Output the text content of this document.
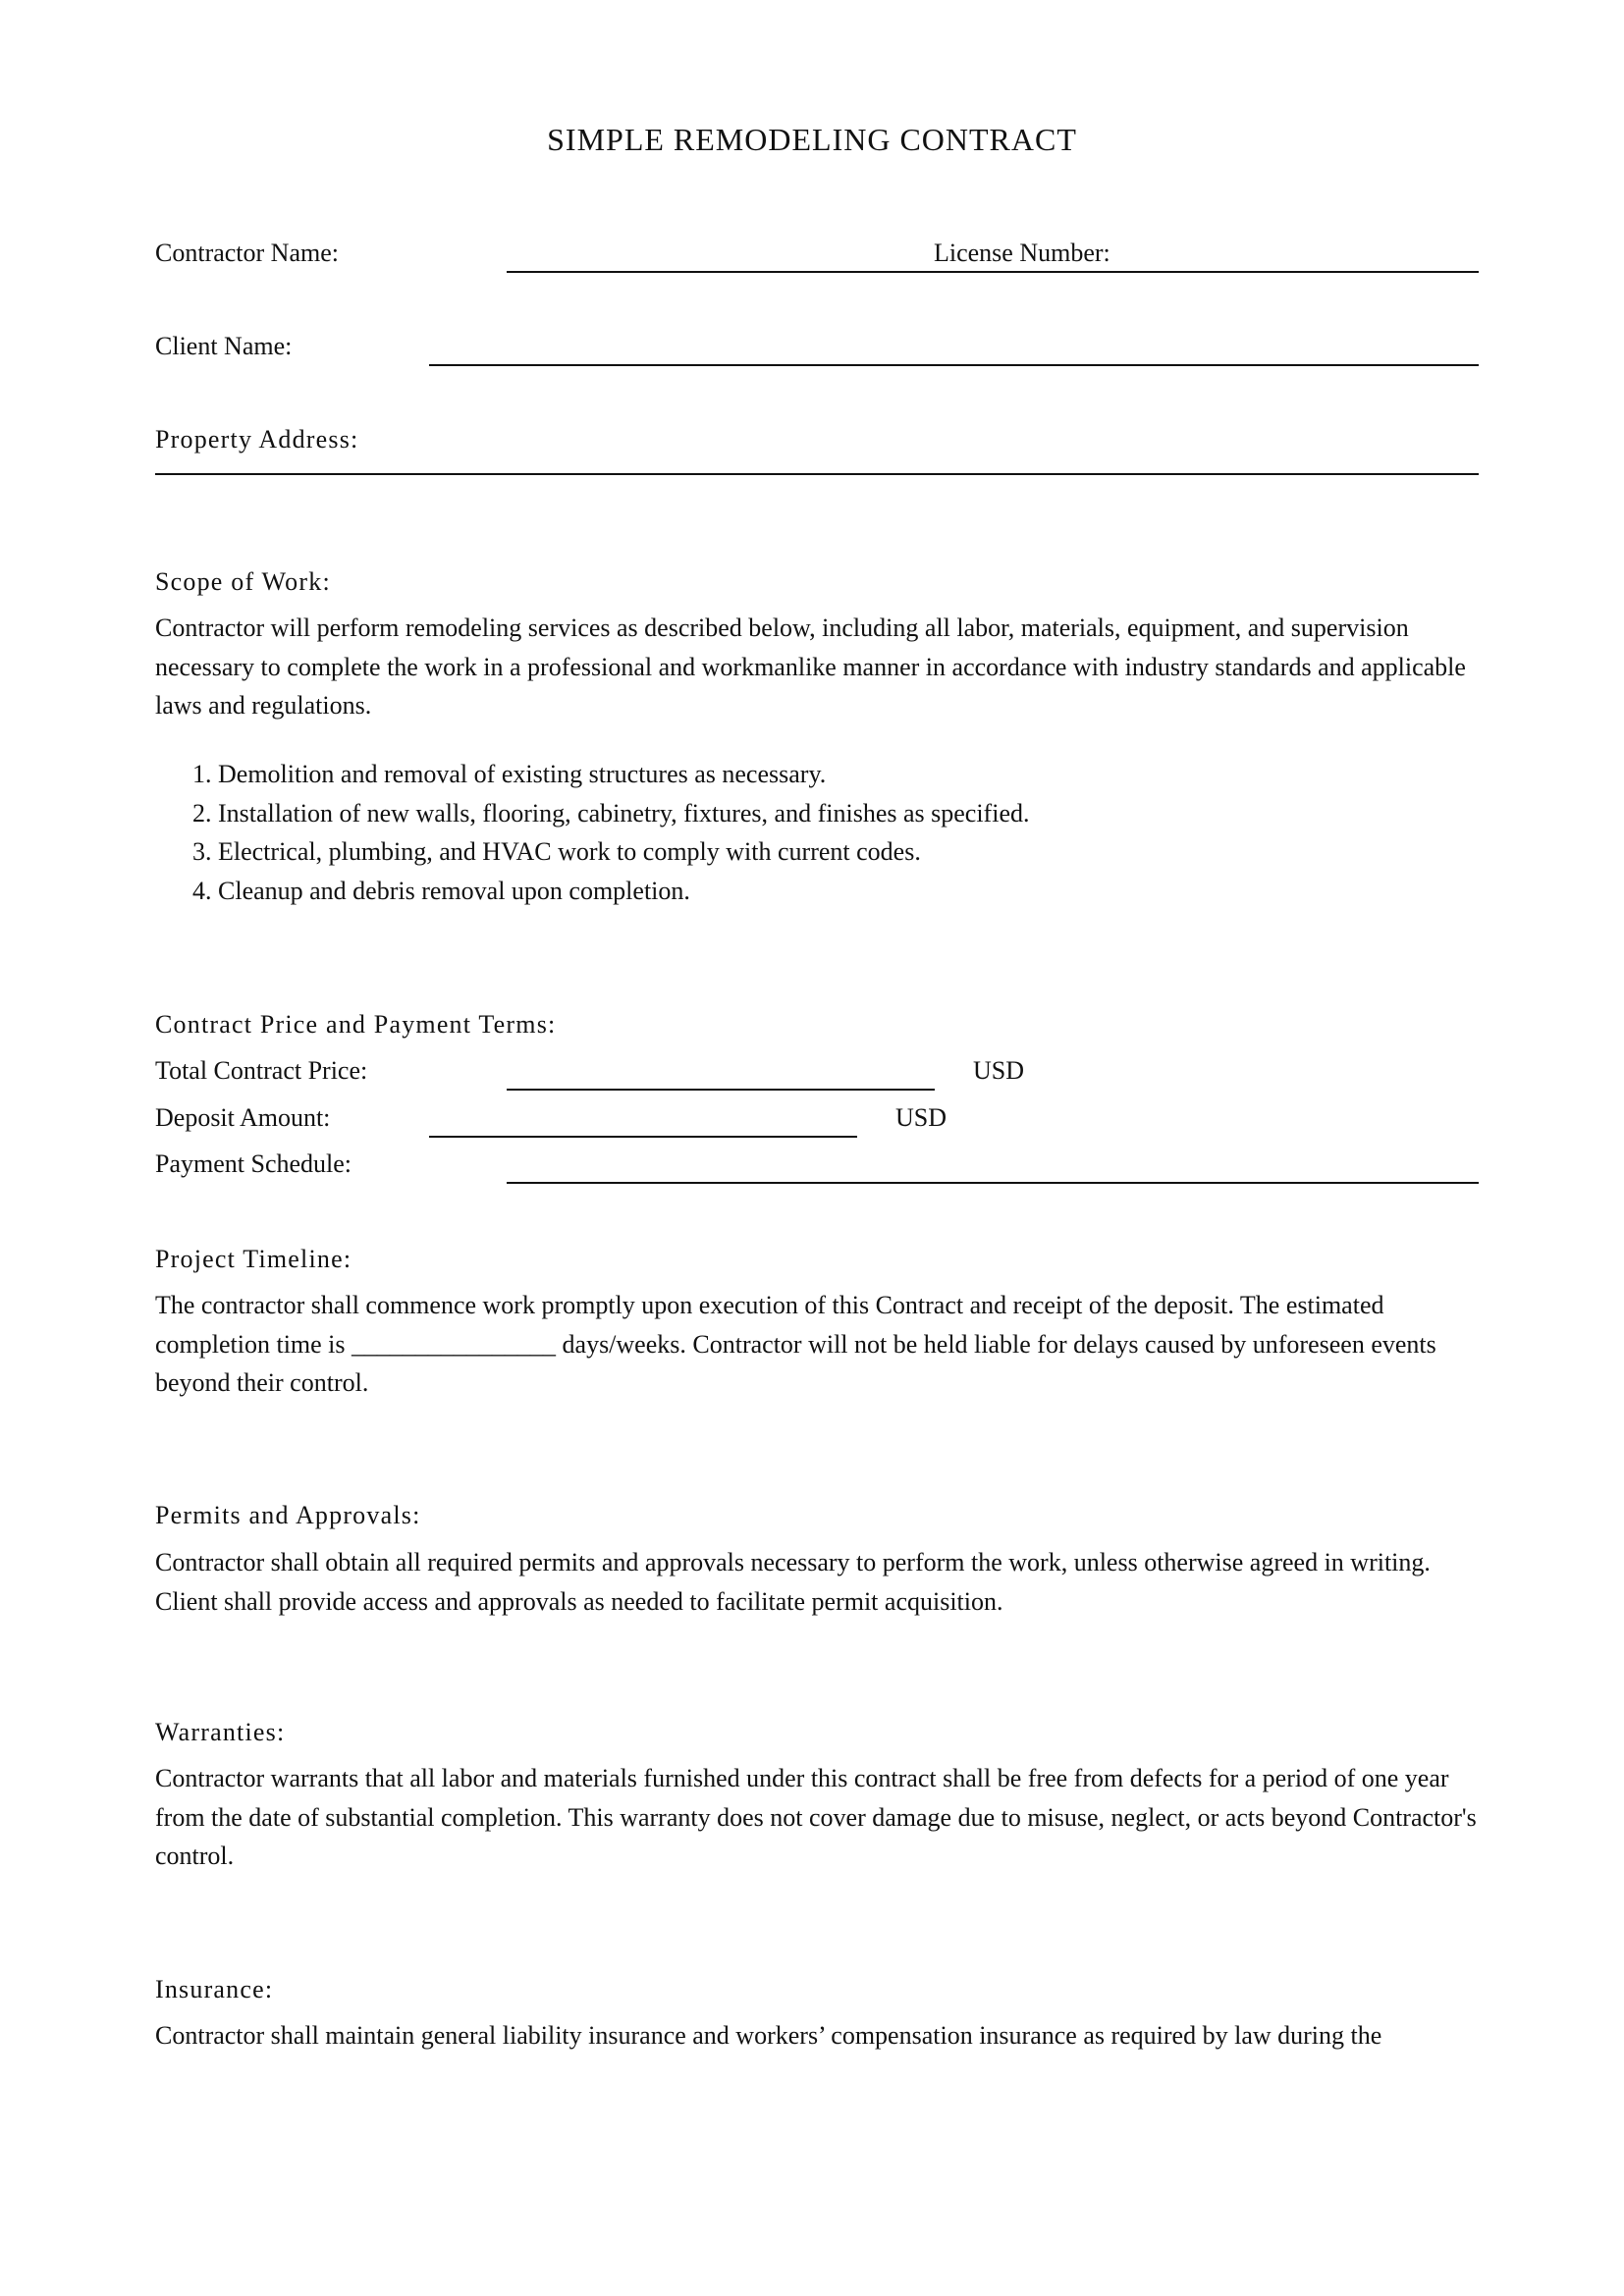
SIMPLE REMODELING CONTRACT
Contractor Name:	License Number:
Client Name:
Property Address:
Scope of Work:
Contractor will perform remodeling services as described below, including all labor, materials, equipment, and supervision necessary to complete the work in a professional and workmanlike manner in accordance with industry standards and applicable laws and regulations.
1. Demolition and removal of existing structures as necessary.
2. Installation of new walls, flooring, cabinetry, fixtures, and finishes as specified.
3. Electrical, plumbing, and HVAC work to comply with current codes.
4. Cleanup and debris removal upon completion.
Contract Price and Payment Terms:
Total Contract Price:	USD
Deposit Amount:	USD
Payment Schedule:
Project Timeline:
The contractor shall commence work promptly upon execution of this Contract and receipt of the deposit. The estimated completion time is ________________ days/weeks. Contractor will not be held liable for delays caused by unforeseen events beyond their control.
Permits and Approvals:
Contractor shall obtain all required permits and approvals necessary to perform the work, unless otherwise agreed in writing. Client shall provide access and approvals as needed to facilitate permit acquisition.
Warranties:
Contractor warrants that all labor and materials furnished under this contract shall be free from defects for a period of one year from the date of substantial completion. This warranty does not cover damage due to misuse, neglect, or acts beyond Contractor's control.
Insurance:
Contractor shall maintain general liability insurance and workers’ compensation insurance as required by law during the
